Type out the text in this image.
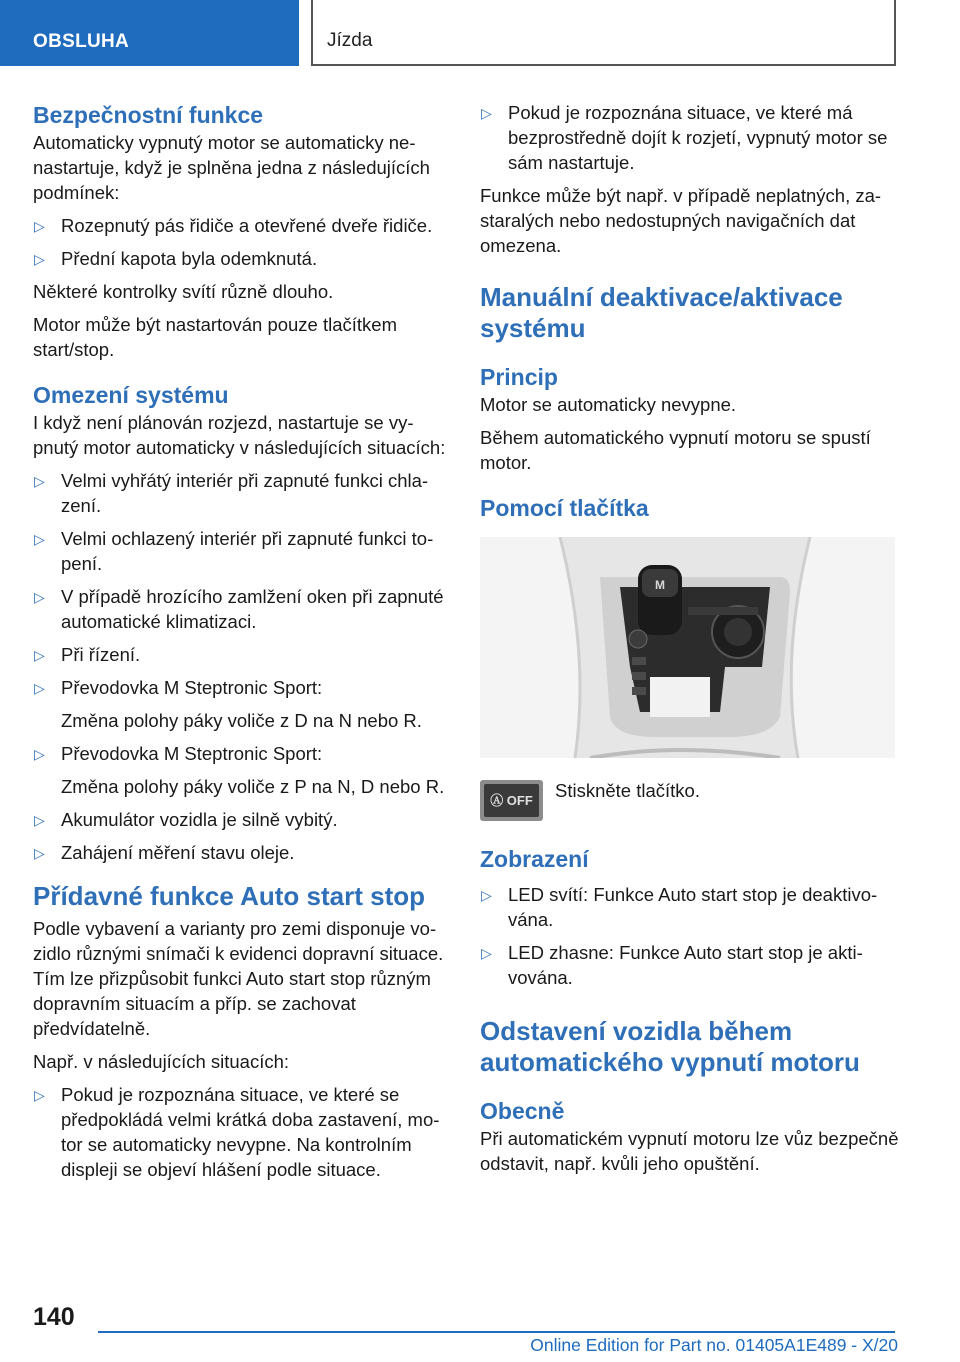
OBSLUHA	Jízda
Bezpečnostní funkce

Automaticky vypnutý motor se automaticky nenastartuje, když je splněna jedna z následujících podmínek:

▷ Rozepnutý pás řidiče a otevřené dveře řidiče.
▷ Přední kapota byla odemknutá.

Některé kontrolky svítí různě dlouho.

Motor může být nastartován pouze tlačítkem start/stop.

Omezení systému

I když není plánován rozjezd, nastartuje se vypnutý motor automaticky v následujících situacích:

▷ Velmi vyhřátý interiér při zapnuté funkci chlazení.
▷ Velmi ochlazený interiér při zapnuté funkci topení.
▷ V případě hrozícího zamlžení oken při zapnuté automatické klimatizaci.
▷ Při řízení.
▷ Převodovka M Steptronic Sport:
Změna polohy páky voliče z D na N nebo R.
▷ Převodovka M Steptronic Sport:
Změna polohy páky voliče z P na N, D nebo R.
▷ Akumulátor vozidla je silně vybitý.
▷ Zahájení měření stavu oleje.
Přídavné funkce Auto start stop

Podle vybavení a varianty pro zemi disponuje vozidlo různými snímači k evidenci dopravní situace. Tím lze přizpůsobit funkci Auto start stop různým dopravním situacím a příp. se zachovat předvídatelně.

Např. v následujících situacích:

▷ Pokud je rozpoznána situace, ve které se předpokládá velmi krátká doba zastavení, motor se automaticky nevypne. Na kontrolním displeji se objeví hlášení podle situace.
▷ Pokud je rozpoznána situace, ve které má bezprostředně dojít k rozjetí, vypnutý motor se sám nastartuje.

Funkce může být např. v případě neplatných, zastaralých nebo nedostupných navigačních dat omezena.

Manuální deaktivace/aktivace systému
Princip

Motor se automaticky nevypne.

Během automatického vypnutí motoru se spustí motor.

Pomocí tlačítka
M
Ⓐ OFF	Stiskněte tlačítko.
Zobrazení
▷ LED svítí: Funkce Auto start stop je deaktivována.
▷ LED zhasne: Funkce Auto start stop je aktivována.
Odstavení vozidla během automatického vypnutí motoru
Obecně

Při automatickém vypnutí motoru lze vůz bezpečně odstavit, např. kvůli jeho opuštění.

140
Online Edition for Part no. 01405A1E489 - X/20
